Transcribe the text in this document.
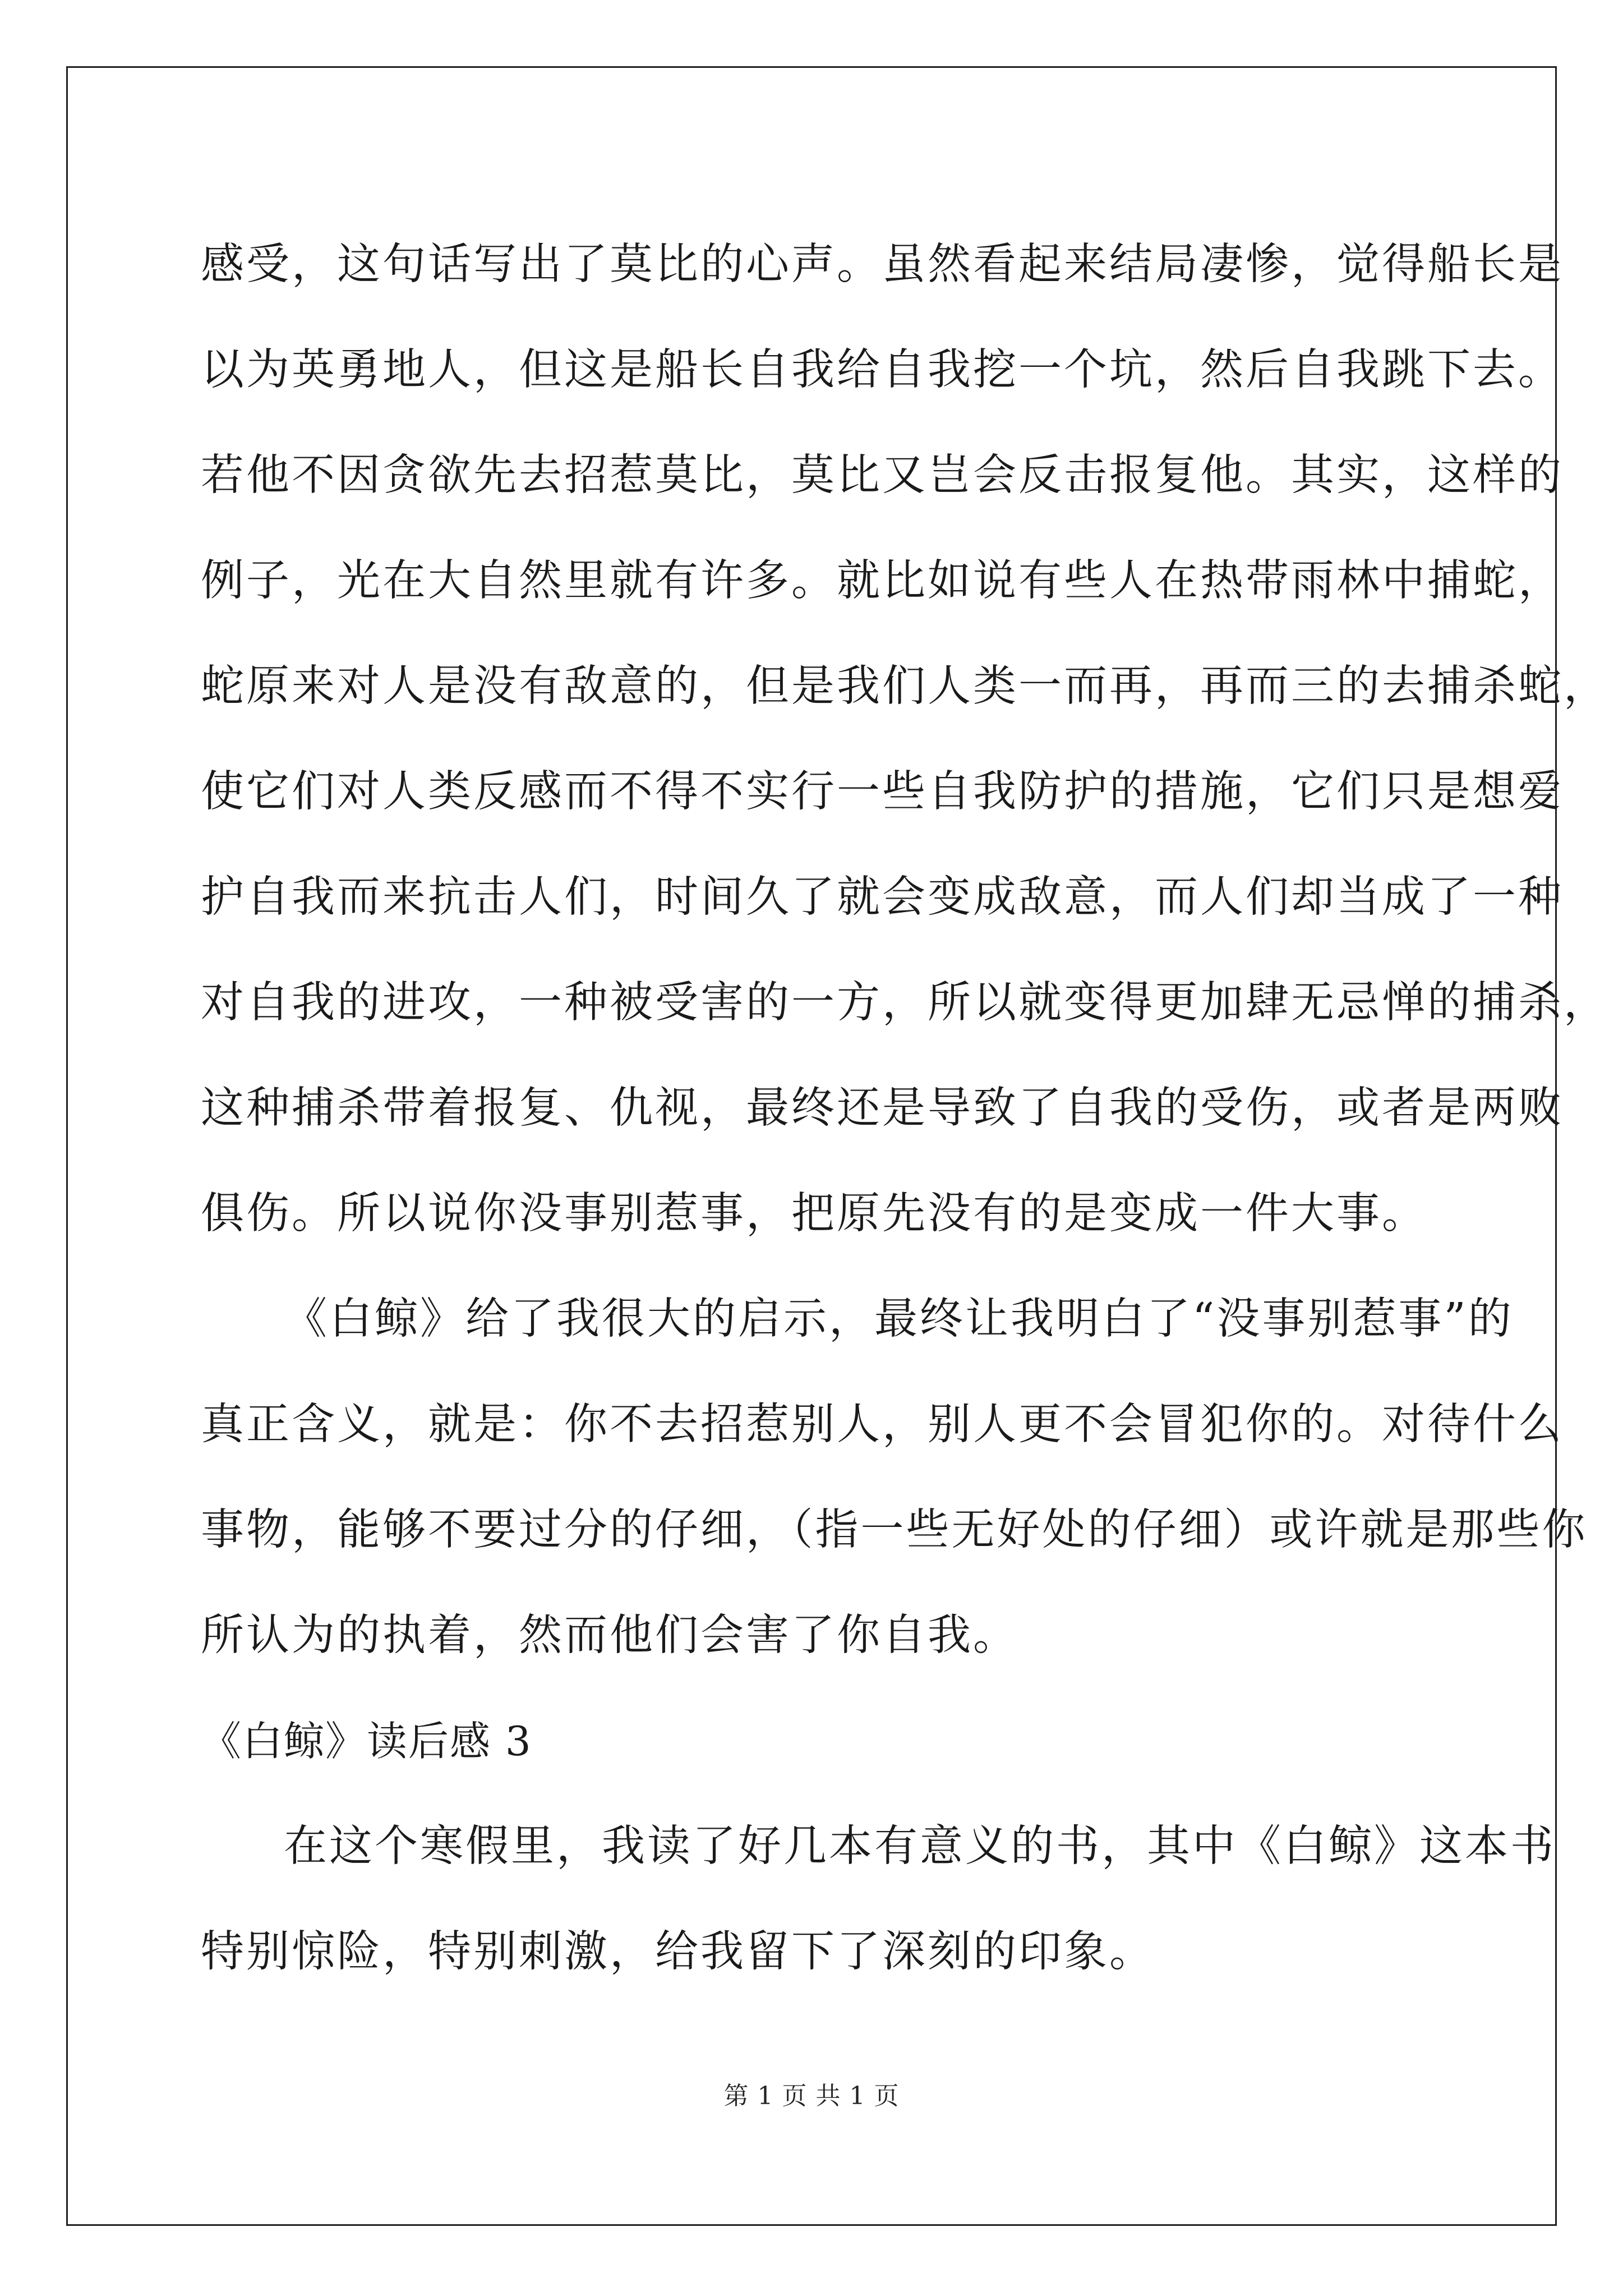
感受，这句话写出了莫比的心声。虽然看起来结局凄惨，觉得船长是
以为英勇地人，但这是船长自我给自我挖一个坑，然后自我跳下去。
若他不因贪欲先去招惹莫比，莫比又岂会反击报复他。其实，这样的
例子，光在大自然里就有许多。就比如说有些人在热带雨林中捕蛇，
蛇原来对人是没有敌意的，但是我们人类一而再，再而三的去捕杀蛇，
使它们对人类反感而不得不实行一些自我防护的措施，它们只是想爱
护自我而来抗击人们，时间久了就会变成敌意，而人们却当成了一种
对自我的进攻，一种被受害的一方，所以就变得更加肆无忌惮的捕杀，
这种捕杀带着报复、仇视，最终还是导致了自我的受伤，或者是两败
俱伤。所以说你没事别惹事，把原先没有的是变成一件大事。
《白鲸》给了我很大的启示，最终让我明白了“没事别惹事”的
真正含义，就是：你不去招惹别人，别人更不会冒犯你的。对待什么
事物，能够不要过分的仔细，（指一些无好处的仔细）或许就是那些你
所认为的执着，然而他们会害了你自我。
《白鲸》读后感 3
在这个寒假里，我读了好几本有意义的书，其中《白鲸》这本书
特别惊险，特别刺激，给我留下了深刻的印象。
第 1 页 共 1 页
